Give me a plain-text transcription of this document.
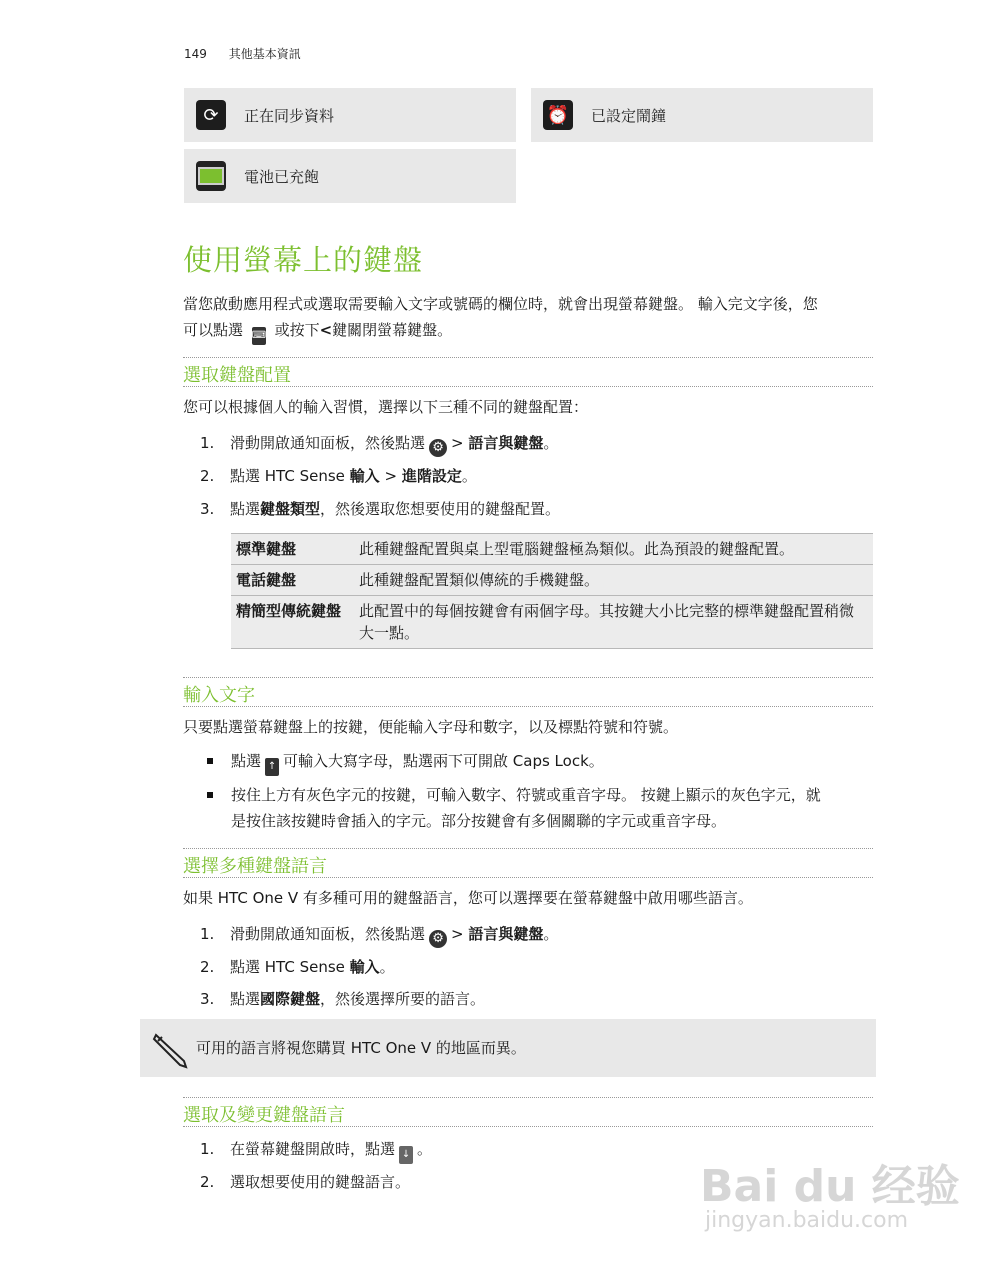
149 其他基本資訊
⟳	正在同步資料	⏰ 已設定鬧鐘
電池已充飽
使用螢幕上的鍵盤

當您啟動應用程式或選取需要輸入文字或號碼的欄位時，就會出現螢幕鍵盤。 輸入完文字後，您
可以點選 ⌨ 或按下<鍵關閉螢幕鍵盤。

選取鍵盤配置

您可以根據個人的輸入習慣，選擇以下三種不同的鍵盤配置：

1. 滑動開啟通知面板，然後點選 ⚙ > 語言與鍵盤。
2. 點選 HTC Sense 輸入 > 進階設定。
3. 點選鍵盤類型，然後選取您想要使用的鍵盤配置。
標準鍵盤	此種鍵盤配置與桌上型電腦鍵盤極為類似。此為預設的鍵盤配置。
電話鍵盤	此種鍵盤配置類似傳統的手機鍵盤。
精簡型傳統鍵盤	此配置中的每個按鍵會有兩個字母。其按鍵大小比完整的標準鍵盤配置稍微大一點。
輸入文字

只要點選螢幕鍵盤上的按鍵，便能輸入字母和數字，以及標點符號和符號。

點選 ↑ 可輸入大寫字母，點選兩下可開啟 Caps Lock。
按住上方有灰色字元的按鍵，可輸入數字、符號或重音字母。 按鍵上顯示的灰色字元，就
是按住該按鍵時會插入的字元。部分按鍵會有多個關聯的字元或重音字母。
選擇多種鍵盤語言

如果 HTC One V 有多種可用的鍵盤語言，您可以選擇要在螢幕鍵盤中啟用哪些語言。

1. 滑動開啟通知面板，然後點選 ⚙ > 語言與鍵盤。
2. 點選 HTC Sense 輸入。
3. 點選國際鍵盤，然後選擇所要的語言。
可用的語言將視您購買 HTC One V 的地區而異。
選取及變更鍵盤語言
1. 在螢幕鍵盤開啟時，點選 ↓ 。
2. 選取想要使用的鍵盤語言。	Bai du 经验
jingyan.baidu.com
